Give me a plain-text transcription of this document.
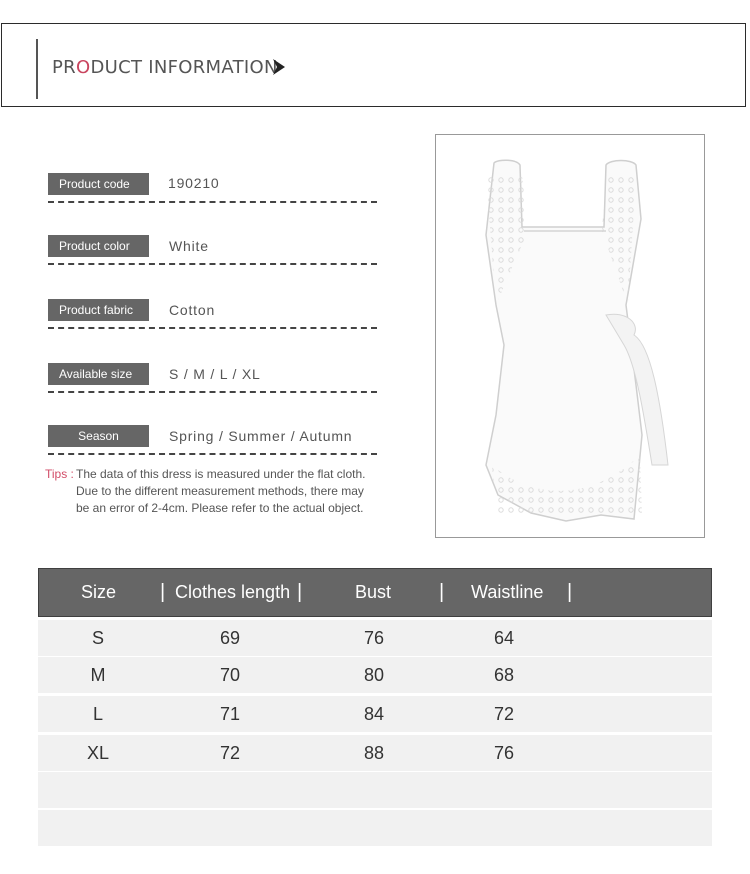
PRODUCT INFORMATION
Product code	190210
Product color	White
Product fabric	Cotton
Available size	S / M / L / XL
Season	Spring / Summer / Autumn
Tips : The data of this dress is measured under the flat cloth.
Due to the different measurement methods, there may
be an error of 2-4cm. Please refer to the actual object.
Size | Clothes length |	Bust | Waistline |
S	69	76	64
M	70	80	68
L	71	84	72
XL	72	88	76
